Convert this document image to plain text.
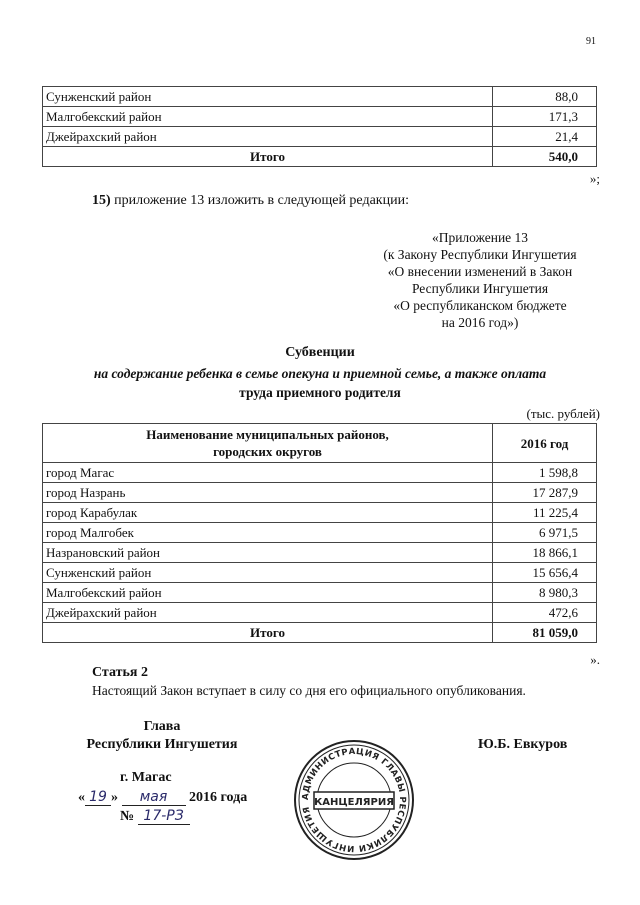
91
Сунженский район	88,0
Малгобекский район	171,3
Джейрахский район	21,4
Итого	540,0
»;
15) приложение 13 изложить в следующей редакции:
«Приложение 13
(к Закону Республики Ингушетия
«О внесении изменений в Закон
Республики Ингушетия
«О республиканском бюджете
на 2016 год»)
Субвенции
на содержание ребенка в семье опекуна и приемной семье, а также оплата
труда приемного родителя
(тыс. рублей)
Наименование муниципальных районов,
городских округов	2016 год
город Магас	1 598,8
город Назрань	17 287,9
город Карабулак	11 225,4
город Малгобек	6 971,5
Назрановский район	18 866,1
Сунженский район	15 656,4
Малгобекский район	8 980,3
Джейрахский район	472,6
Итого	81 059,0
».
Статья 2
Настоящий Закон вступает в силу со дня его официального опубликования.
Глава
Республики Ингушетия	Ю.Б. Евкуров
г. Магас
« 19 » мая 2016 года
№ 17-РЗ
АДМИНИСТРАЦИЯ ГЛАВЫ РЕСПУБЛИКИ ИНГУШЕТИЯ
КАНЦЕЛЯРИЯ
